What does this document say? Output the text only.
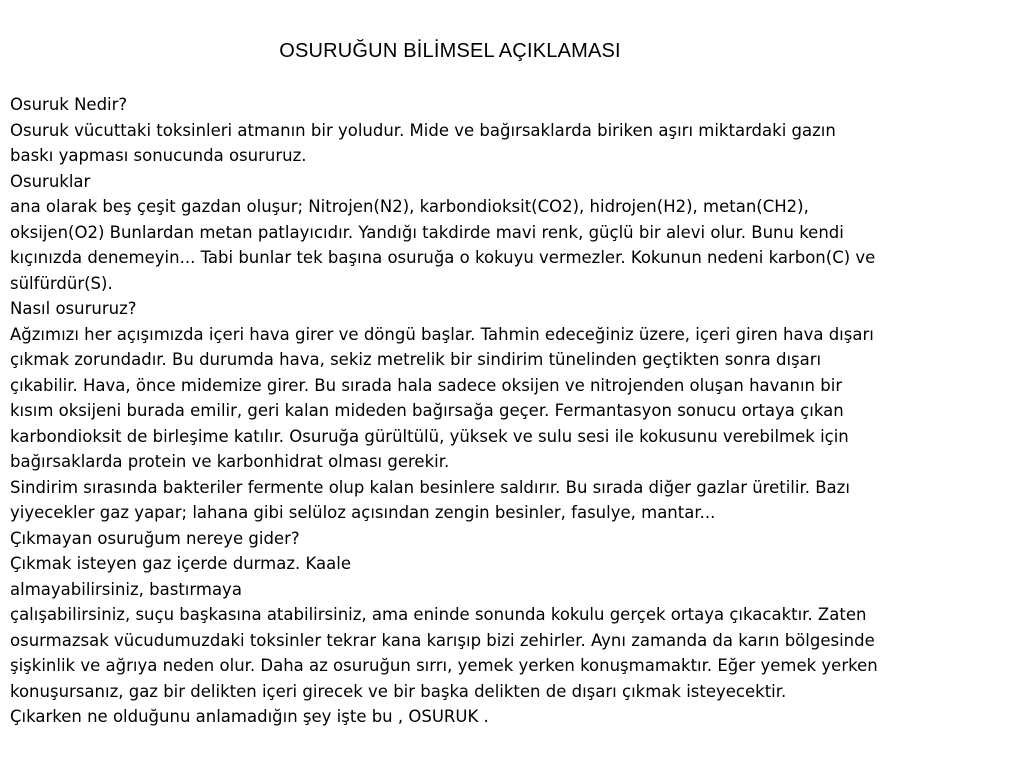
OSURUĞUN BİLİMSEL AÇIKLAMASI
Osuruk Nedir?
Osuruk vücuttaki toksinleri atmanın bir yoludur. Mide ve bağırsaklarda biriken aşırı miktardaki gazın
baskı yapması sonucunda osururuz.
Osuruklar
ana olarak beş çeşit gazdan oluşur; Nitrojen(N2), karbondioksit(CO2), hidrojen(H2), metan(CH2),
oksijen(O2) Bunlardan metan patlayıcıdır. Yandığı takdirde mavi renk, güçlü bir alevi olur. Bunu kendi
kıçınızda denemeyin... Tabi bunlar tek başına osuruğa o kokuyu vermezler. Kokunun nedeni karbon(C) ve
sülfürdür(S).
Nasıl osururuz?
Ağzımızı her açışımızda içeri hava girer ve döngü başlar. Tahmin edeceğiniz üzere, içeri giren hava dışarı
çıkmak zorundadır. Bu durumda hava, sekiz metrelik bir sindirim tünelinden geçtikten sonra dışarı
çıkabilir. Hava, önce midemize girer. Bu sırada hala sadece oksijen ve nitrojenden oluşan havanın bir
kısım oksijeni burada emilir, geri kalan mideden bağırsağa geçer. Fermantasyon sonucu ortaya çıkan
karbondioksit de birleşime katılır. Osuruğa gürültülü, yüksek ve sulu sesi ile kokusunu verebilmek için
bağırsaklarda protein ve karbonhidrat olması gerekir.
Sindirim sırasında bakteriler fermente olup kalan besinlere saldırır. Bu sırada diğer gazlar üretilir. Bazı
yiyecekler gaz yapar; lahana gibi selüloz açısından zengin besinler, fasulye, mantar...
Çıkmayan osuruğum nereye gider?
Çıkmak isteyen gaz içerde durmaz. Kaale
almayabilirsiniz, bastırmaya
çalışabilirsiniz, suçu başkasına atabilirsiniz, ama eninde sonunda kokulu gerçek ortaya çıkacaktır. Zaten
osurmazsak vücudumuzdaki toksinler tekrar kana karışıp bizi zehirler. Aynı zamanda da karın bölgesinde
şişkinlik ve ağrıya neden olur. Daha az osuruğun sırrı, yemek yerken konuşmamaktır. Eğer yemek yerken
konuşursanız, gaz bir delikten içeri girecek ve bir başka delikten de dışarı çıkmak isteyecektir.
Çıkarken ne olduğunu anlamadığın şey işte bu , OSURUK .
